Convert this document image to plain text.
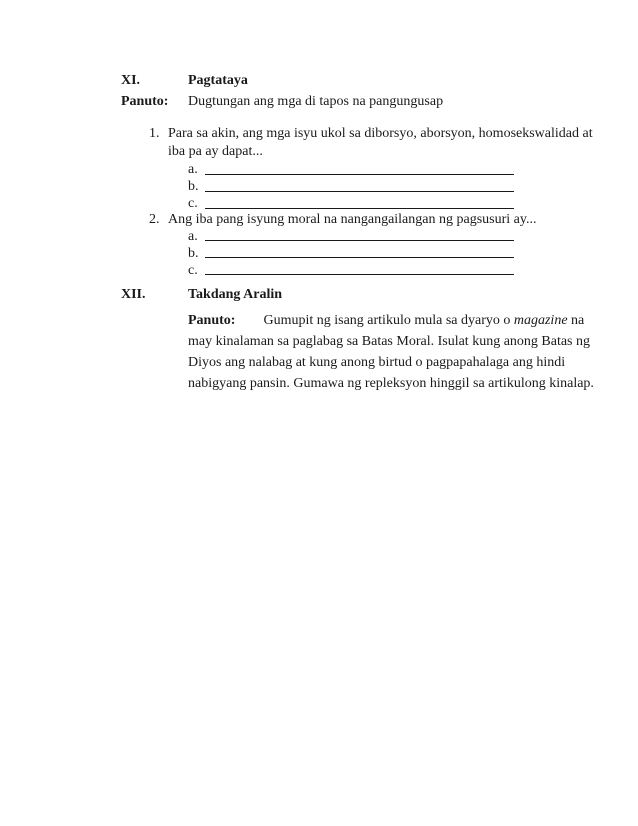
XI.	Pagtataya
Panuto: Dugtungan ang mga di tapos na pangungusap
1. Para sa akin, ang mga isyu ukol sa diborsyo, aborsyon, homosekswalidad at
iba pa ay dapat...
a.
b.
c.
2. Ang iba pang isyung moral na nangangailangan ng pagsusuri ay...
a.
b.
c.
XII.	Takdang Aralin
Panuto: Gumupit ng isang artikulo mula sa dyaryo o magazine na
may kinalaman sa paglabag sa Batas Moral. Isulat kung anong Batas ng
Diyos ang nalabag at kung anong birtud o pagpapahalaga ang hindi
nabigyang pansin. Gumawa ng repleksyon hinggil sa artikulong kinalap.
